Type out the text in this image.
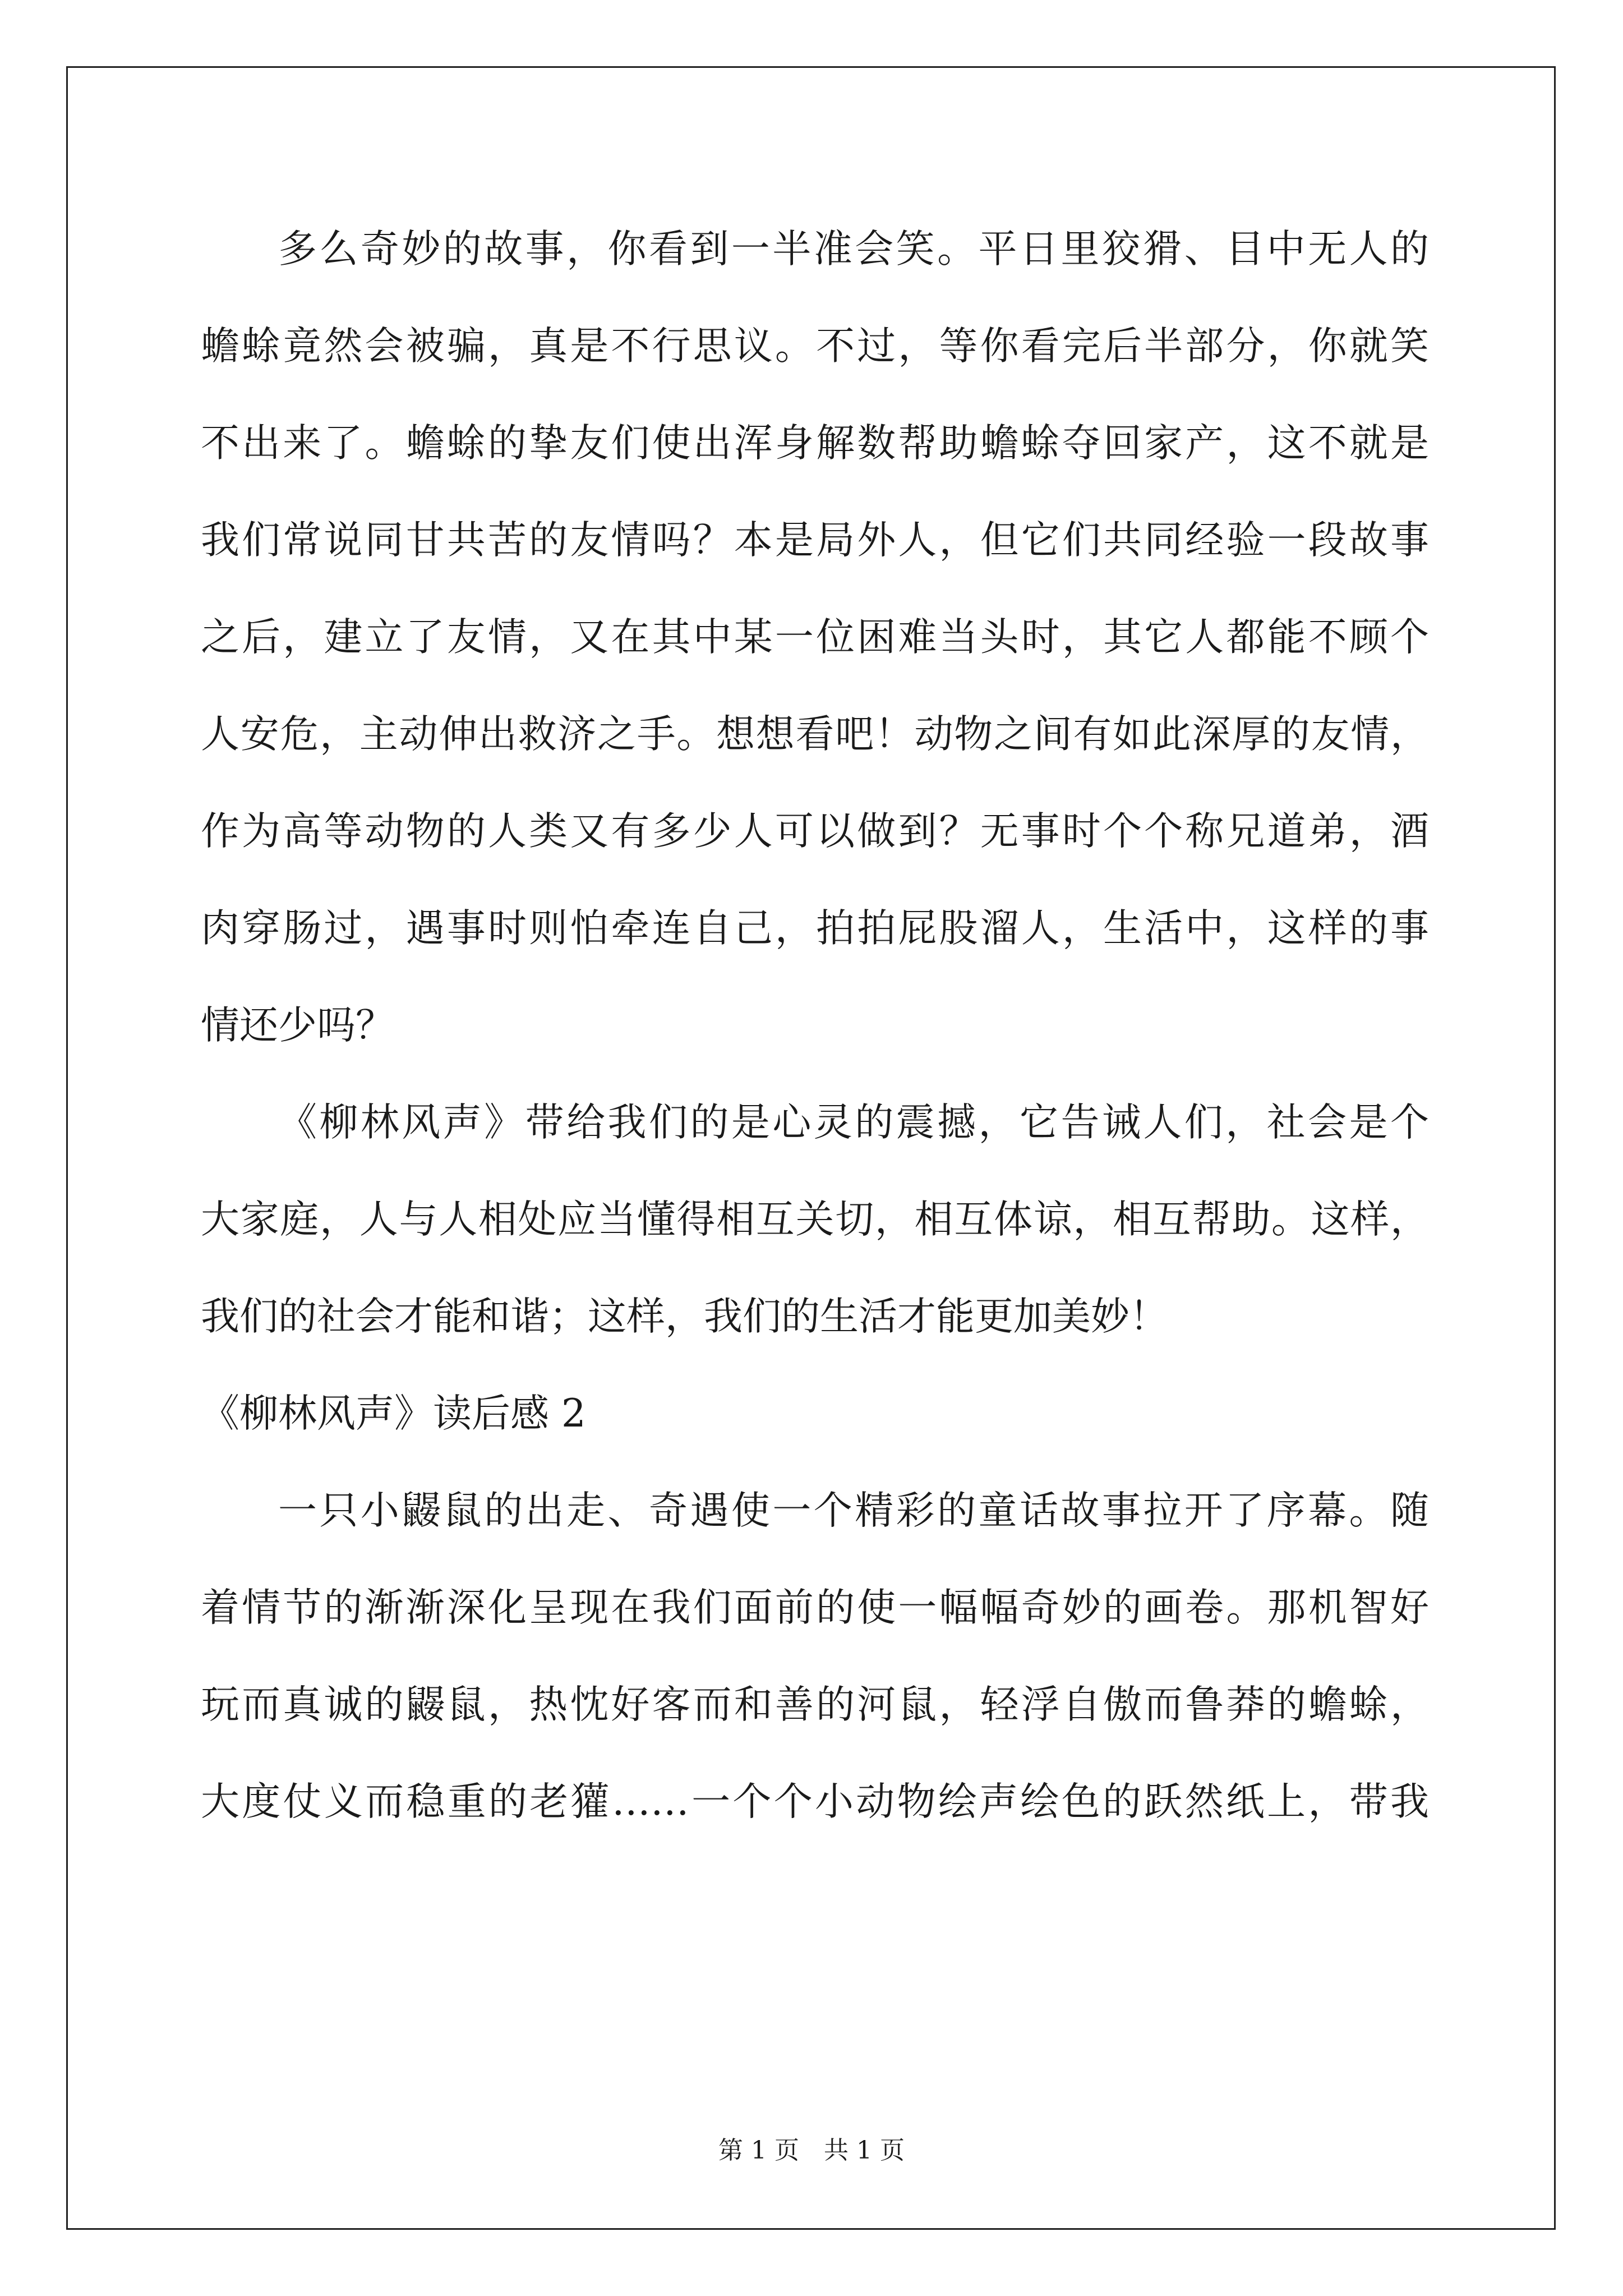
多么奇妙的故事，你看到一半准会笑。平日里狡猾、目中无人的
蟾蜍竟然会被骗，真是不行思议。不过，等你看完后半部分，你就笑
不出来了。蟾蜍的挚友们使出浑身解数帮助蟾蜍夺回家产，这不就是
我们常说同甘共苦的友情吗？本是局外人，但它们共同经验一段故事
之后，建立了友情，又在其中某一位困难当头时，其它人都能不顾个
人安危，主动伸出救济之手。想想看吧！动物之间有如此深厚的友情，
作为高等动物的人类又有多少人可以做到？无事时个个称兄道弟，酒
肉穿肠过，遇事时则怕牵连自己，拍拍屁股溜人，生活中，这样的事
情还少吗？
《柳林风声》带给我们的是心灵的震撼，它告诫人们，社会是个
大家庭，人与人相处应当懂得相互关切，相互体谅，相互帮助。这样，
我们的社会才能和谐；这样，我们的生活才能更加美妙！
《柳林风声》读后感 2
一只小鼹鼠的出走、奇遇使一个精彩的童话故事拉开了序幕。随
着情节的渐渐深化呈现在我们面前的使一幅幅奇妙的画卷。那机智好
玩而真诚的鼹鼠，热忱好客而和善的河鼠，轻浮自傲而鲁莽的蟾蜍，
大度仗义而稳重的老獾……一个个小动物绘声绘色的跃然纸上，带我
第 1 页　共 1 页
